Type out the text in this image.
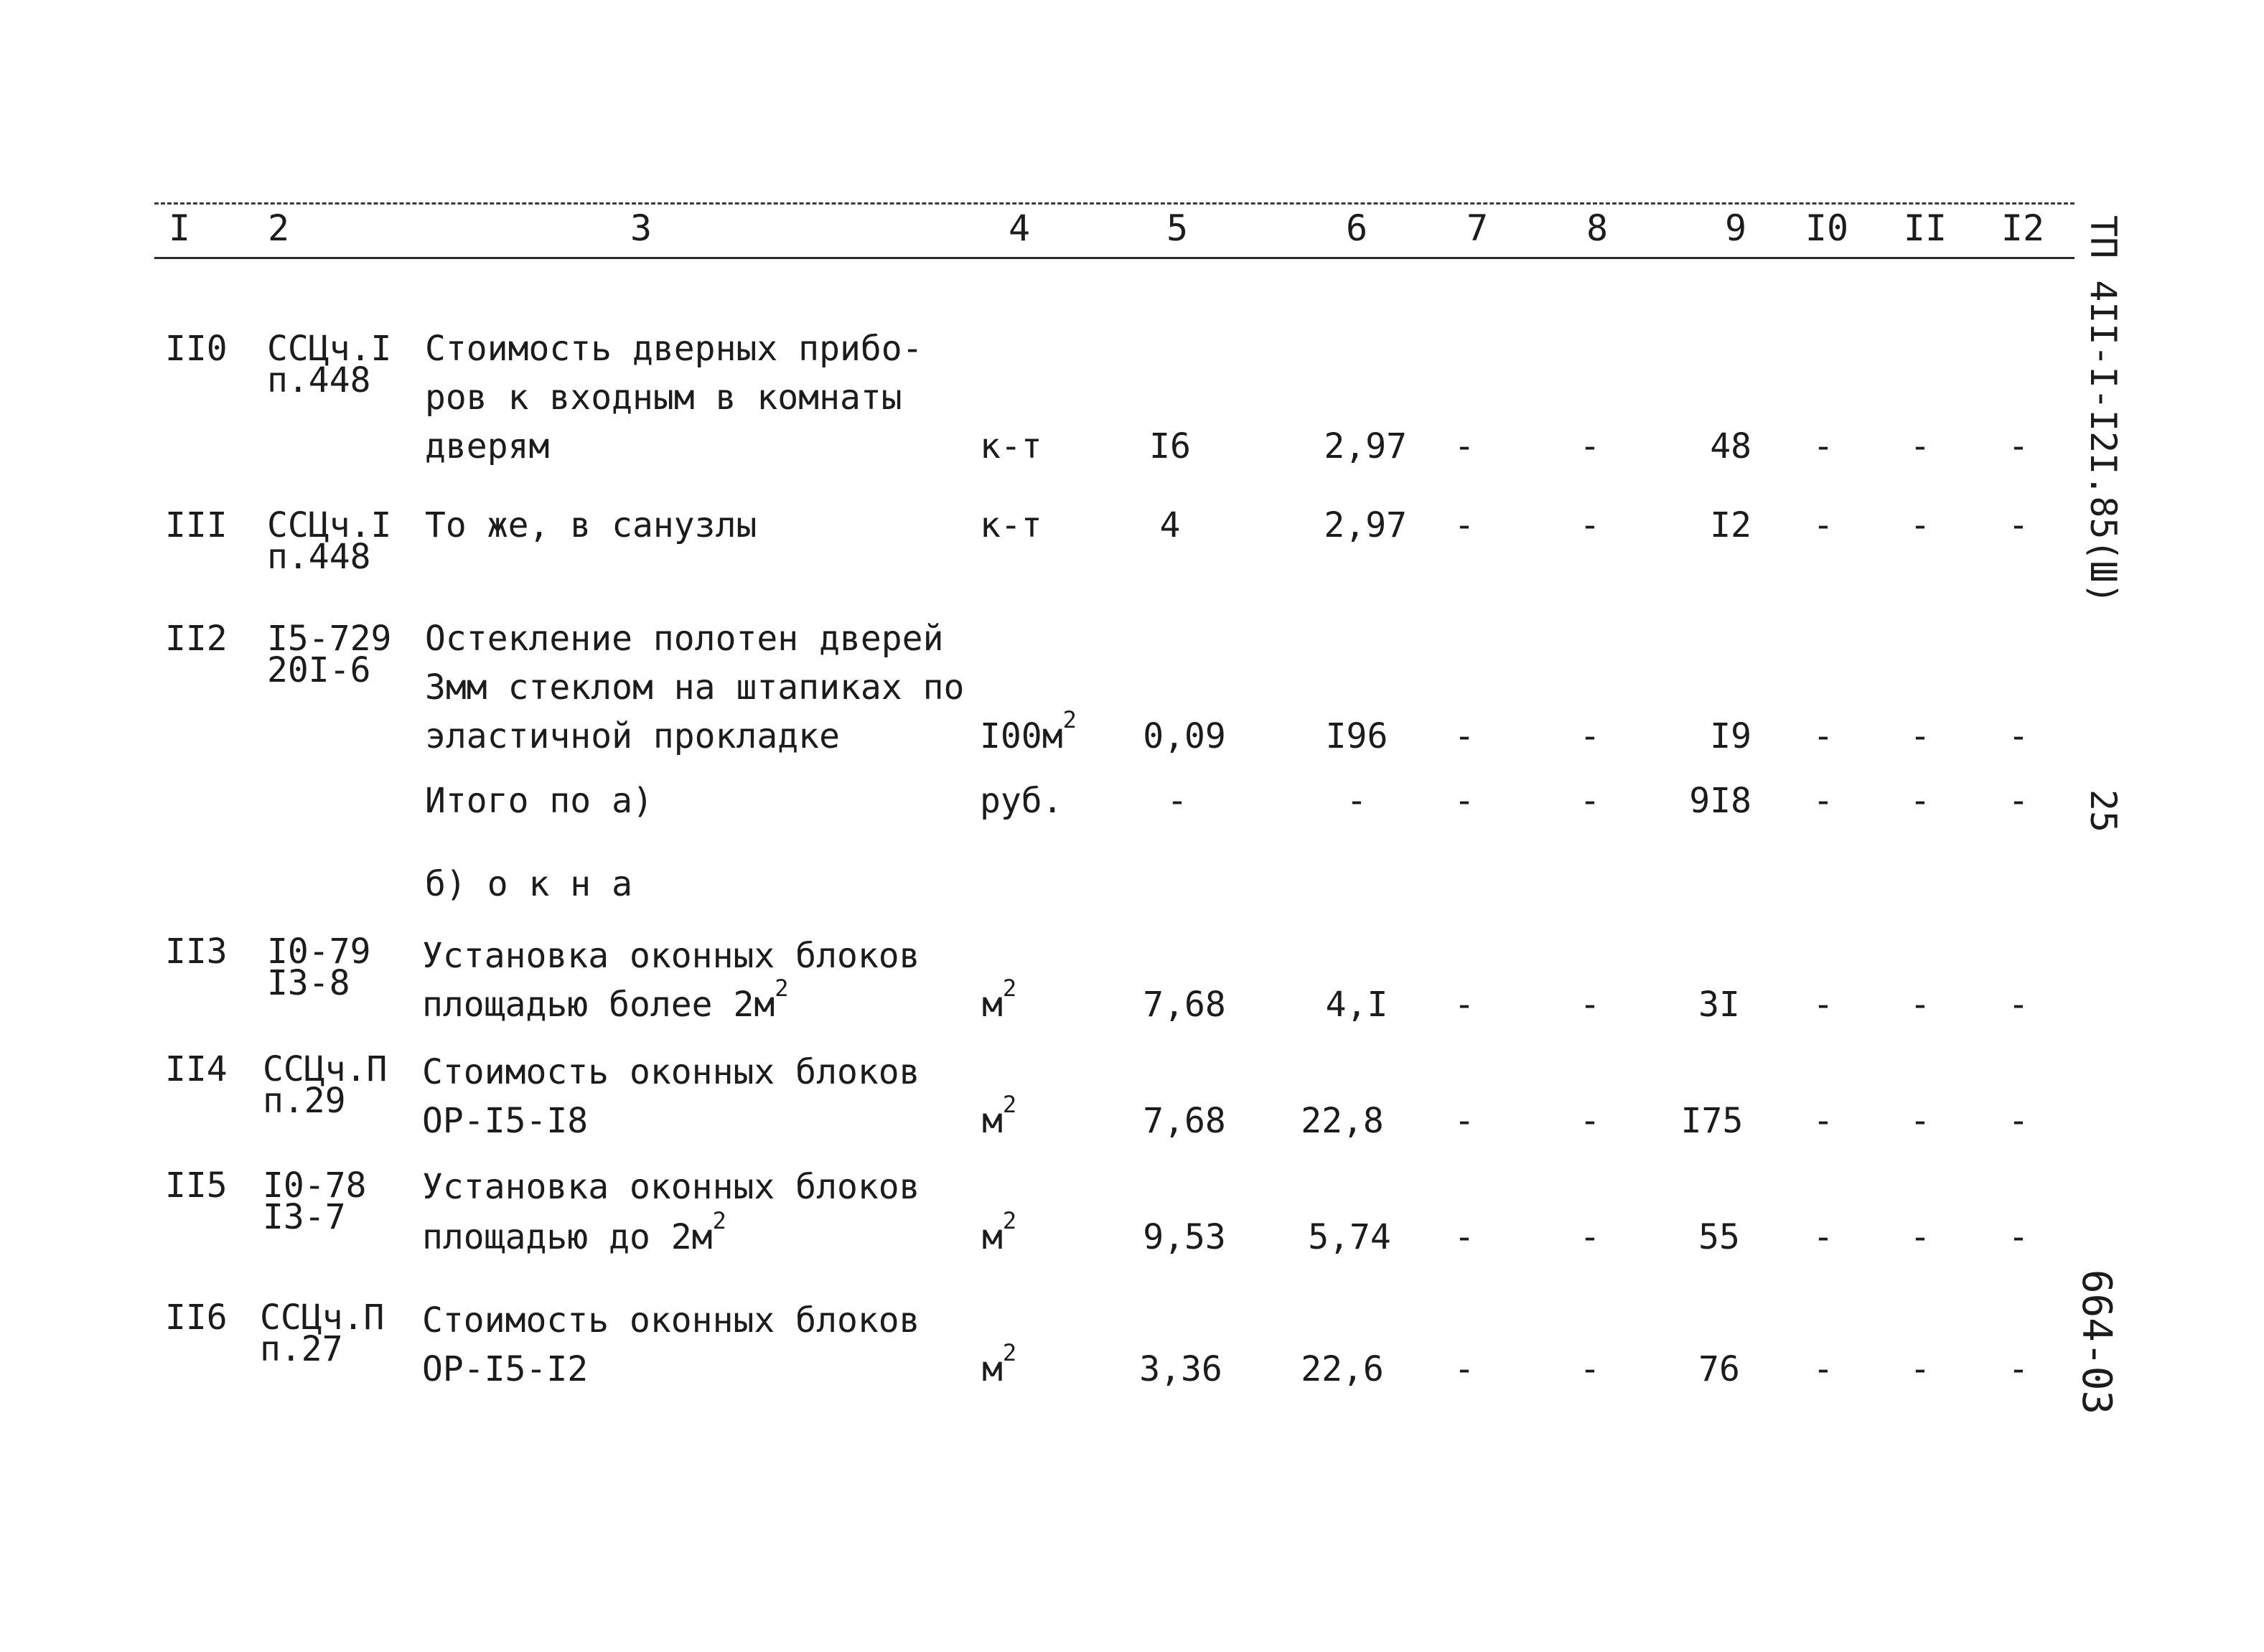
I 2	3	4	5	6	7	8	9 I0 II I2
II0 ССЦч.I
п.448
Стоимость дверных прибо-
ров к входным в комнаты
дверям	к-т	I6	2,97	-	-	48	-	-	-
III ССЦч.I
п.448
То же, в санузлы	к-т	4	2,97	-	-	I2	-	-	-
II2 I5-729
20I-6
Остекление полотен дверей
3мм стеклом на штапиках по
эластичной прокладке	$I00м^2$	0,09	I96	-	-	I9	-	-	-
Итого по а)	руб.	-	-	-	-	9I8	-	-	-
б) о к н а
II3 I0-79
I3-8
Установка оконных блоков
площадью более $2м^2$	$м^2$	7,68	4,I	-	-	3I	-	-	-
II4 ССЦч.П
п.29
Стоимость оконных блоков
ОР-I5-I8	$м^2$	7,68	22,8	-	-	I75	-	-	-
II5 I0-78
I3-7
Установка оконных блоков
площадью до $2м^2$	$м^2$	9,53	5,74	-	-	55	-	-	-
II6 ССЦч.П
п.27
Стоимость оконных блоков
ОР-I5-I2	$м^2$	3,36	22,6	-	-	76	-	-	-
ТП 4II-I-I2I.85(Ш)
25
664-03
